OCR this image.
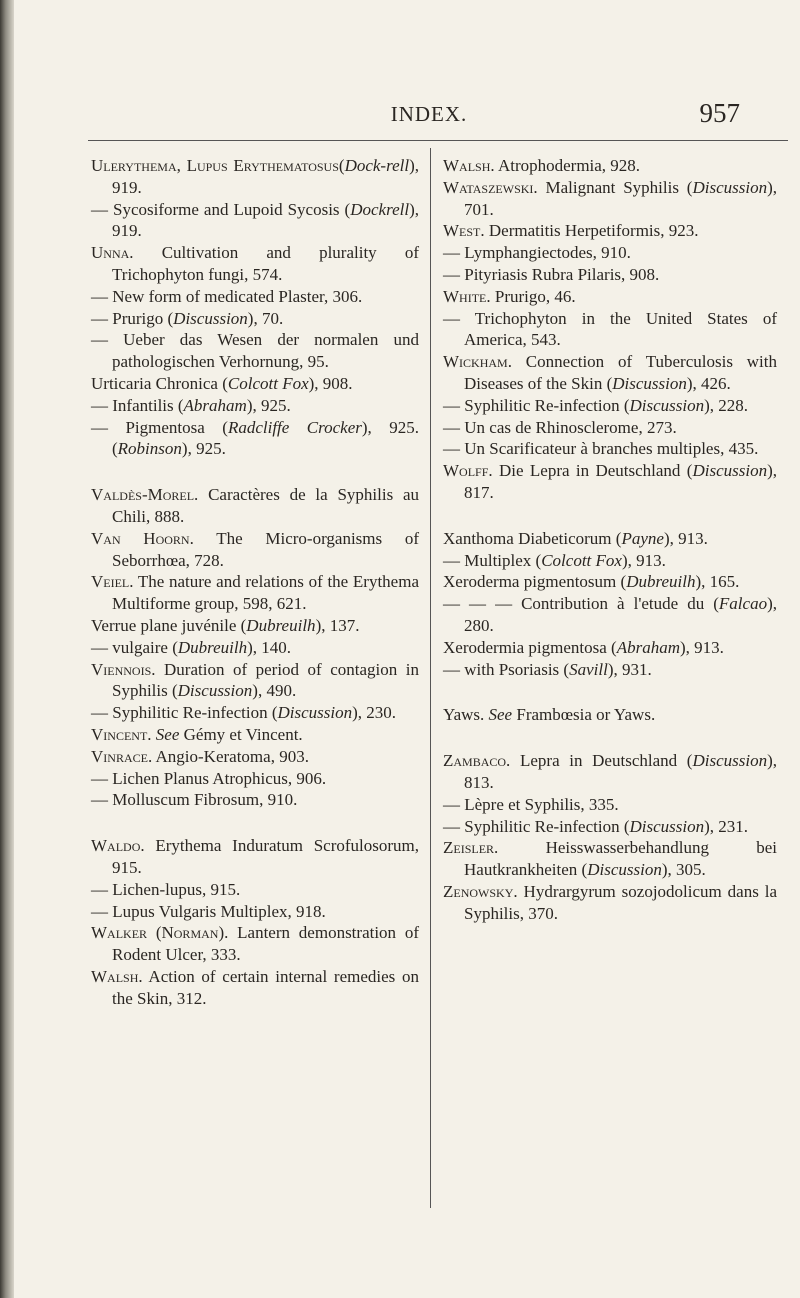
INDEX.	957
Ulerythema, Lupus Erythematosus(Dock-rell), 919.
— Sycosiforme and Lupoid Sycosis (Dockrell), 919.
Unna. Cultivation and plurality of Trichophyton fungi, 574.
— New form of medicated Plaster, 306.
— Prurigo (Discussion), 70.
— Ueber das Wesen der normalen und pathologischen Verhornung, 95.
Urticaria Chronica (Colcott Fox), 908.
— Infantilis (Abraham), 925.
— Pigmentosa (Radcliffe Crocker), 925. (Robinson), 925.
Valdès-Morel. Caractères de la Syphilis au Chili, 888.
Van Hoorn. The Micro-organisms of Seborrhœa, 728.
Veiel. The nature and relations of the Erythema Multiforme group, 598, 621.
Verrue plane juvénile (Dubreuilh), 137.
— vulgaire (Dubreuilh), 140.
Viennois. Duration of period of contagion in Syphilis (Discussion), 490.
— Syphilitic Re-infection (Discussion), 230.
Vincent. See Gémy et Vincent.
Vinrace. Angio-Keratoma, 903.
— Lichen Planus Atrophicus, 906.
— Molluscum Fibrosum, 910.
Waldo. Erythema Induratum Scrofulosorum, 915.
— Lichen-lupus, 915.
— Lupus Vulgaris Multiplex, 918.
Walker (Norman). Lantern demonstration of Rodent Ulcer, 333.
Walsh. Action of certain internal remedies on the Skin, 312.
Walsh. Atrophodermia, 928.
Wataszewski. Malignant Syphilis (Discussion), 701.
West. Dermatitis Herpetiformis, 923.
— Lymphangiectodes, 910.
— Pityriasis Rubra Pilaris, 908.
White. Prurigo, 46.
— Trichophyton in the United States of America, 543.
Wickham. Connection of Tuberculosis with Diseases of the Skin (Discussion), 426.
— Syphilitic Re-infection (Discussion), 228.
— Un cas de Rhinosclerome, 273.
— Un Scarificateur à branches multiples, 435.
Wolff. Die Lepra in Deutschland (Discussion), 817.
Xanthoma Diabeticorum (Payne), 913.
— Multiplex (Colcott Fox), 913.
Xeroderma pigmentosum (Dubreuilh), 165.
— — — Contribution à l'etude du (Falcao), 280.
Xerodermia pigmentosa (Abraham), 913.
— with Psoriasis (Savill), 931.
Yaws. See Frambœsia or Yaws.
Zambaco. Lepra in Deutschland (Discussion), 813.
— Lèpre et Syphilis, 335.
— Syphilitic Re-infection (Discussion), 231.
Zeisler. Heisswasserbehandlung bei Hautkrankheiten (Discussion), 305.
Zenowsky. Hydrargyrum sozojodolicum dans la Syphilis, 370.
